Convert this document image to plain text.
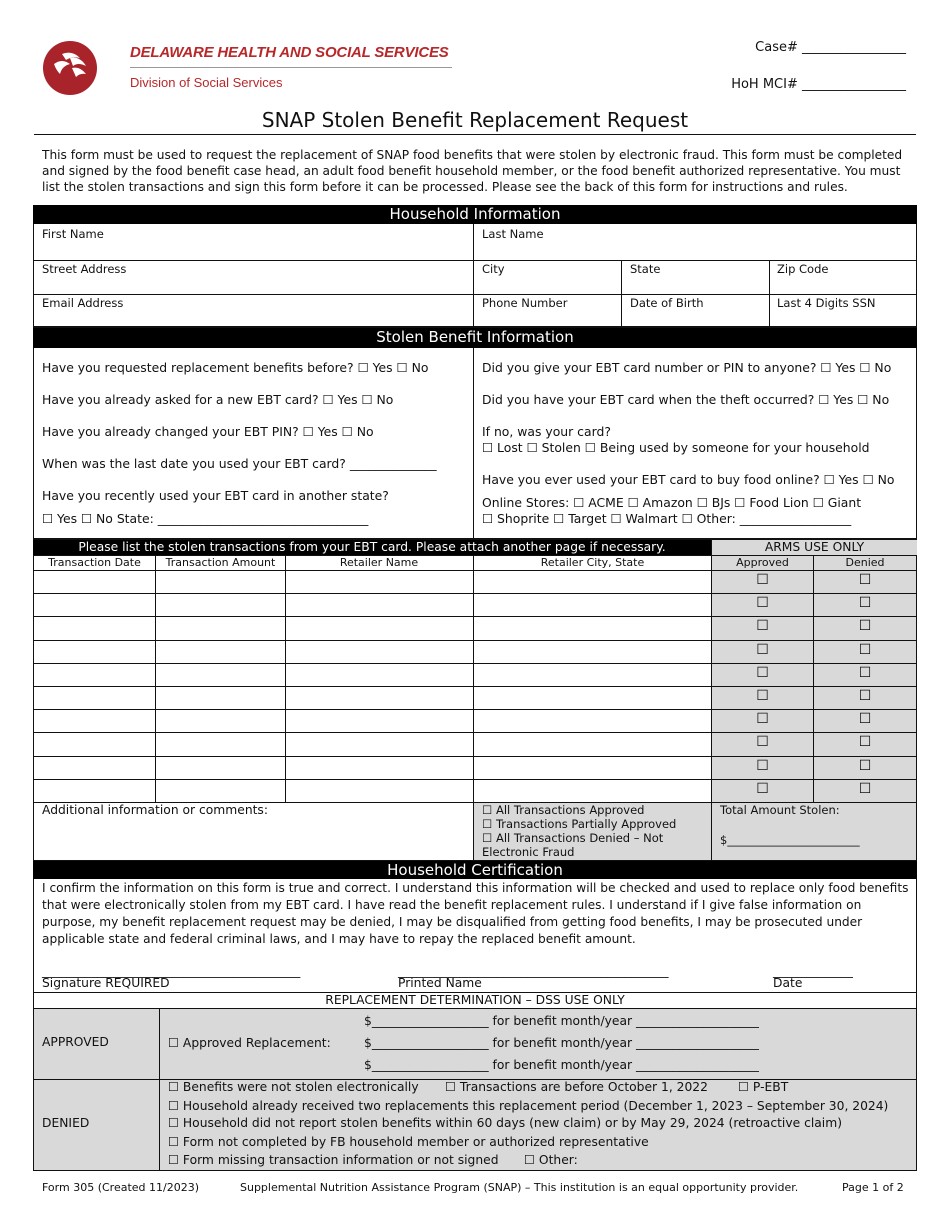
DELAWARE HEALTH AND SOCIAL SERVICES
Division of Social Services
Case# ________________
HoH MCI# ________________
SNAP Stolen Benefit Replacement Request
This form must be used to request the replacement of SNAP food benefits that were stolen by electronic fraud. This form must be completed and signed by the food benefit case head, an adult food benefit household member, or the food benefit authorized representative. You must list the stolen transactions and sign this form before it can be processed. Please see the back of this form for instructions and rules.
Household Information
First Name	Last Name
Street Address	City	State	Zip Code
Email Address	Phone Number	Date of Birth	Last 4 Digits SSN
Stolen Benefit Information
Have you requested replacement benefits before? ☐ Yes ☐ No
Have you already asked for a new EBT card? ☐ Yes ☐ No
Have you already changed your EBT PIN? ☐ Yes ☐ No
When was the last date you used your EBT card? ______________
Have you recently used your EBT card in another state?
☐ Yes ☐ No State: __________________________________
Did you give your EBT card number or PIN to anyone? ☐ Yes ☐ No
Did you have your EBT card when the theft occurred? ☐ Yes ☐ No
If no, was your card?
☐ Lost ☐ Stolen ☐ Being used by someone for your household
Have you ever used your EBT card to buy food online? ☐ Yes ☐ No
Online Stores: ☐ ACME ☐ Amazon ☐ BJs ☐ Food Lion ☐ Giant
☐ Shoprite ☐ Target ☐ Walmart ☐ Other: __________________
Please list the stolen transactions from your EBT card. Please attach another page if necessary.	ARMS USE ONLY
Transaction Date	Transaction Amount	Retailer Name	Retailer City, State	Approved	Denied
☐	☐
☐	☐
☐	☐
☐	☐
☐	☐
☐	☐
☐	☐
☐	☐
☐	☐
☐	☐
Additional information or comments:	☐ All Transactions Approved
☐ Transactions Partially Approved
☐ All Transactions Denied – Not Electronic Fraud
Total Amount Stolen:
$_______________________
Household Certification
I confirm the information on this form is true and correct. I understand this information will be checked and used to replace only food benefits that were electronically stolen from my EBT card. I have read the benefit replacement rules. I understand if I give false information on purpose, my benefit replacement request may be denied, I may be disqualified from getting food benefits, I may be prosecuted under applicable state and federal criminal laws, and I may have to repay the replaced benefit amount.
__________________________________________
Signature REQUIRED
____________________________________________
Printed Name
_____________
Date
REPLACEMENT DETERMINATION – DSS USE ONLY
APPROVED	☐ Approved Replacement:
$___________________ for benefit month/year ____________________
$___________________ for benefit month/year ____________________
$___________________ for benefit month/year ____________________
DENIED
☐ Benefits were not stolen electronically ☐ Transactions are before October 1, 2022 ☐ P-EBT
☐ Household already received two replacements this replacement period (December 1, 2023 – September 30, 2024)
☐ Household did not report stolen benefits within 60 days (new claim) or by May 29, 2024 (retroactive claim)
☐ Form not completed by FB household member or authorized representative
☐ Form missing transaction information or not signed ☐ Other:
Form 305 (Created 11/2023)	Supplemental Nutrition Assistance Program (SNAP) – This institution is an equal opportunity provider.	Page 1 of 2
